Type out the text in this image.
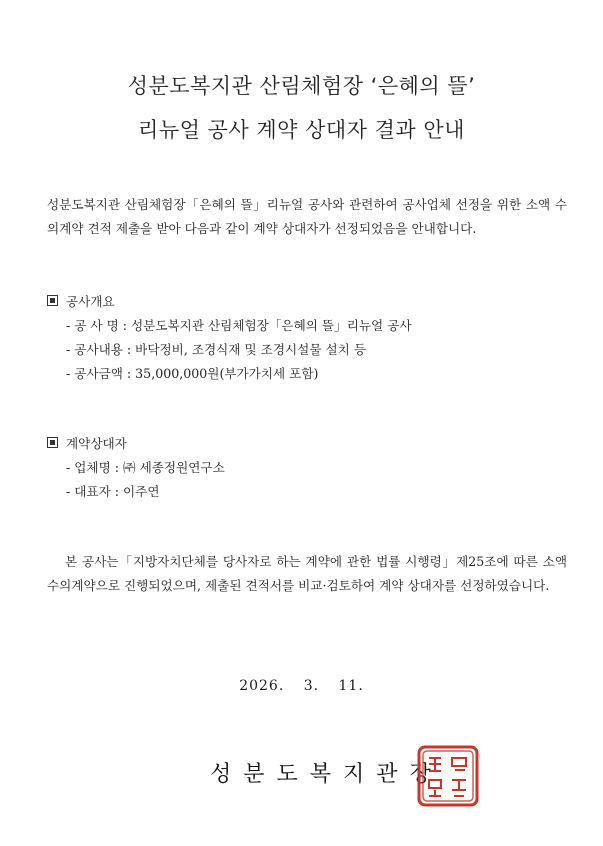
성분도복지관 산림체험장 ‘은혜의 뜰’
리뉴얼 공사 계약 상대자 결과 안내
성분도복지관 산림체험장「은혜의 뜰」리뉴얼 공사와 관련하여 공사업체 선정을 위한 소액 수의계약 견적 제출을 받아 다음과 같이 계약 상대자가 선정되었음을 안내합니다.
공사개요
- 공 사 명 : 성분도복지관 산림체험장「은혜의 뜰」리뉴얼 공사
- 공사내용 : 바닥정비, 조경식재 및 조경시설물 설치 등
- 공사금액 : 35,000,000원(부가가치세 포함)
계약상대자
- 업체명 : ㈜ 세종정원연구소
- 대표자 : 이주연
본 공사는「지방자치단체를 당사자로 하는 계약에 관한 법률 시행령」제25조에 따른 소액 수의계약으로 진행되었으며, 제출된 견적서를 비교·검토하여 계약 상대자를 선정하였습니다.
2026. 3. 11.
성분도복지관장
